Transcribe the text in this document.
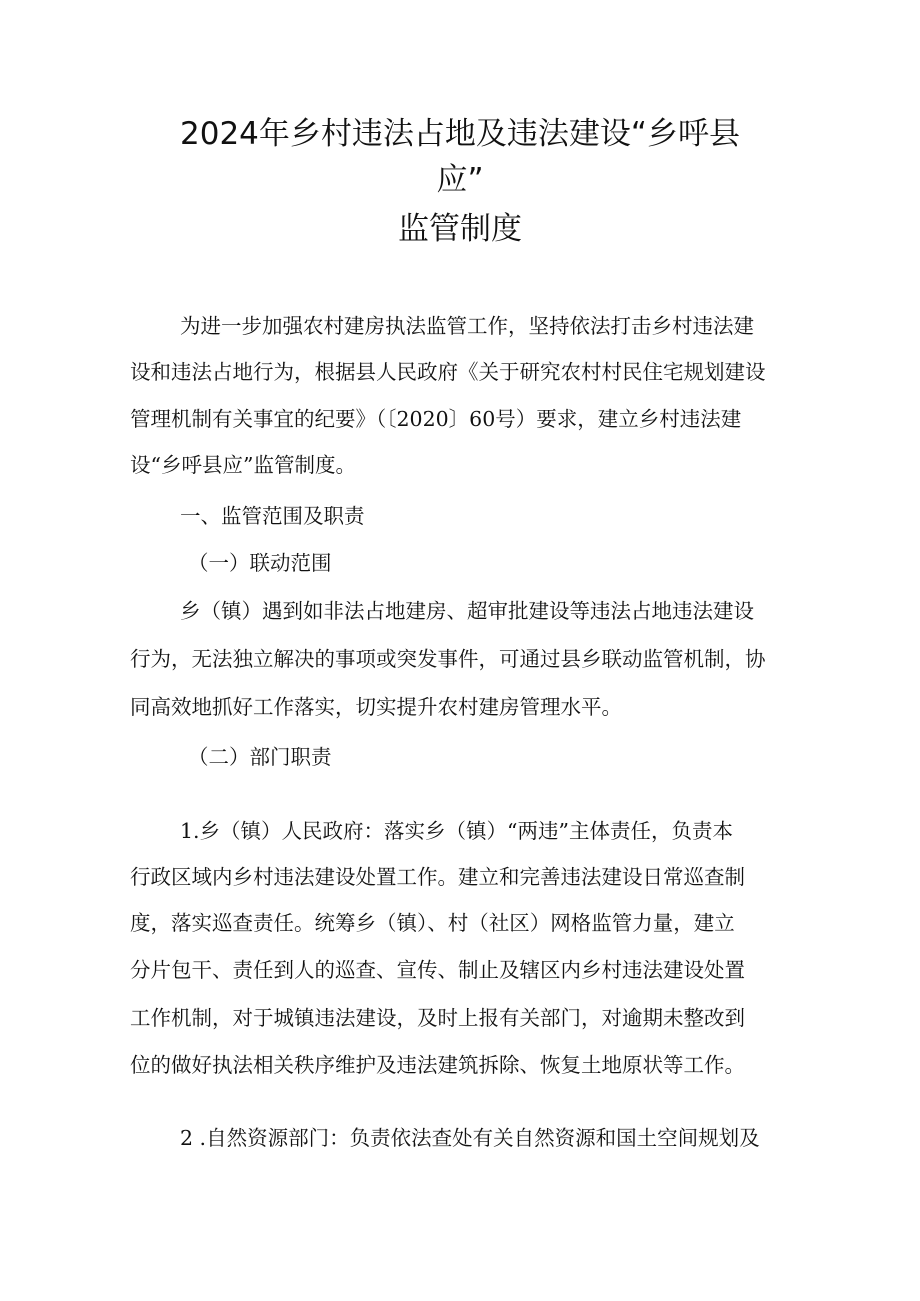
2024年乡村违法占地及违法建设“乡呼县
应”
监管制度
为进一步加强农村建房执法监管工作，坚持依法打击乡村违法建
设和违法占地行为，根据县人民政府《关于研究农村村民住宅规划建设
管理机制有关事宜的纪要》（〔2020〕60号）要求，建立乡村违法建
设“乡呼县应”监管制度。
一、监管范围及职责
（一）联动范围
乡（镇）遇到如非法占地建房、超审批建设等违法占地违法建设
行为，无法独立解决的事项或突发事件，可通过县乡联动监管机制，协
同高效地抓好工作落实，切实提升农村建房管理水平。
（二）部门职责
1.乡（镇）人民政府：落实乡（镇）“两违”主体责任，负责本
行政区域内乡村违法建设处置工作。建立和完善违法建设日常巡查制
度，落实巡查责任。统筹乡（镇）、村（社区）网格监管力量，建立
分片包干、责任到人的巡查、宣传、制止及辖区内乡村违法建设处置
工作机制，对于城镇违法建设，及时上报有关部门，对逾期未整改到
位的做好执法相关秩序维护及违法建筑拆除、恢复土地原状等工作。
2 .自然资源部门：负责依法查处有关自然资源和国土空间规划及
